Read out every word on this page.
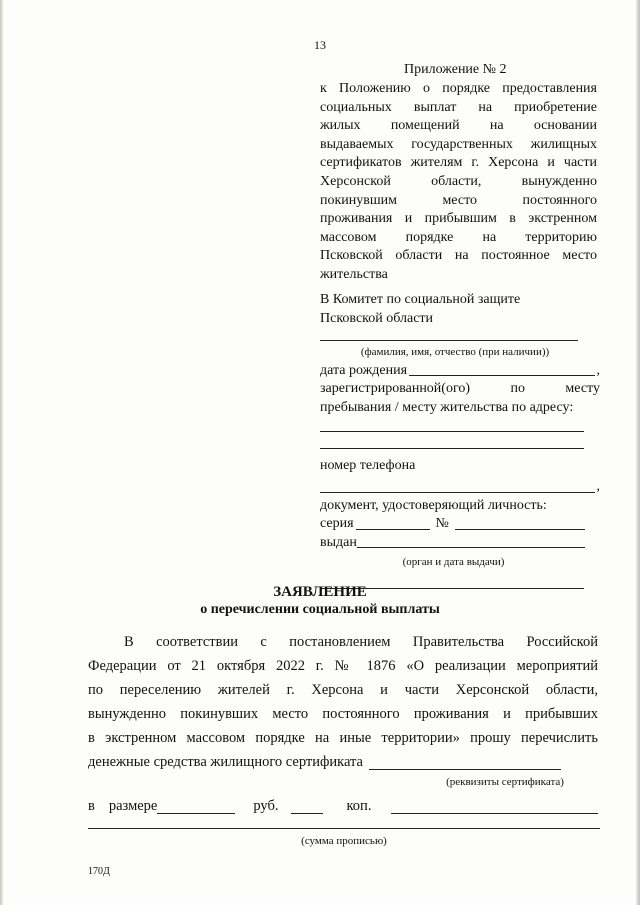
13
Приложение № 2
к Положению о порядке предоставления
социальных выплат на приобретение
жилых помещений на основании
выдаваемых государственных жилищных
сертификатов жителям г. Херсона и части
Херсонской области, вынужденно
покинувшим место постоянного
проживания и прибывшим в экстренном
массовом порядке на территорию
Псковской области на постоянное место
жительства
В Комитет по социальной защите
Псковской области
(фамилия, имя, отчество (при наличии))
дата рождения	,
зарегистрированной(ого) по месту
пребывания / месту жительства по адресу:
номер телефона
,
документ, удостоверяющий личность:
серия	№
выдан
(орган и дата выдачи)
ЗАЯВЛЕНИЕ
о перечислении социальной выплаты
В соответствии с постановлением Правительства Российской
Федерации от 21 октября 2022 г. № 1876 «О реализации мероприятий
по переселению жителей г. Херсона и части Херсонской области,
вынужденно покинувших место постоянного проживания и прибывших
в экстренном массовом порядке на иные территории» прошу перечислить
денежные средства жилищного сертификата
(реквизиты сертификата)
в размере	руб.	коп.
(сумма прописью)
170Д
